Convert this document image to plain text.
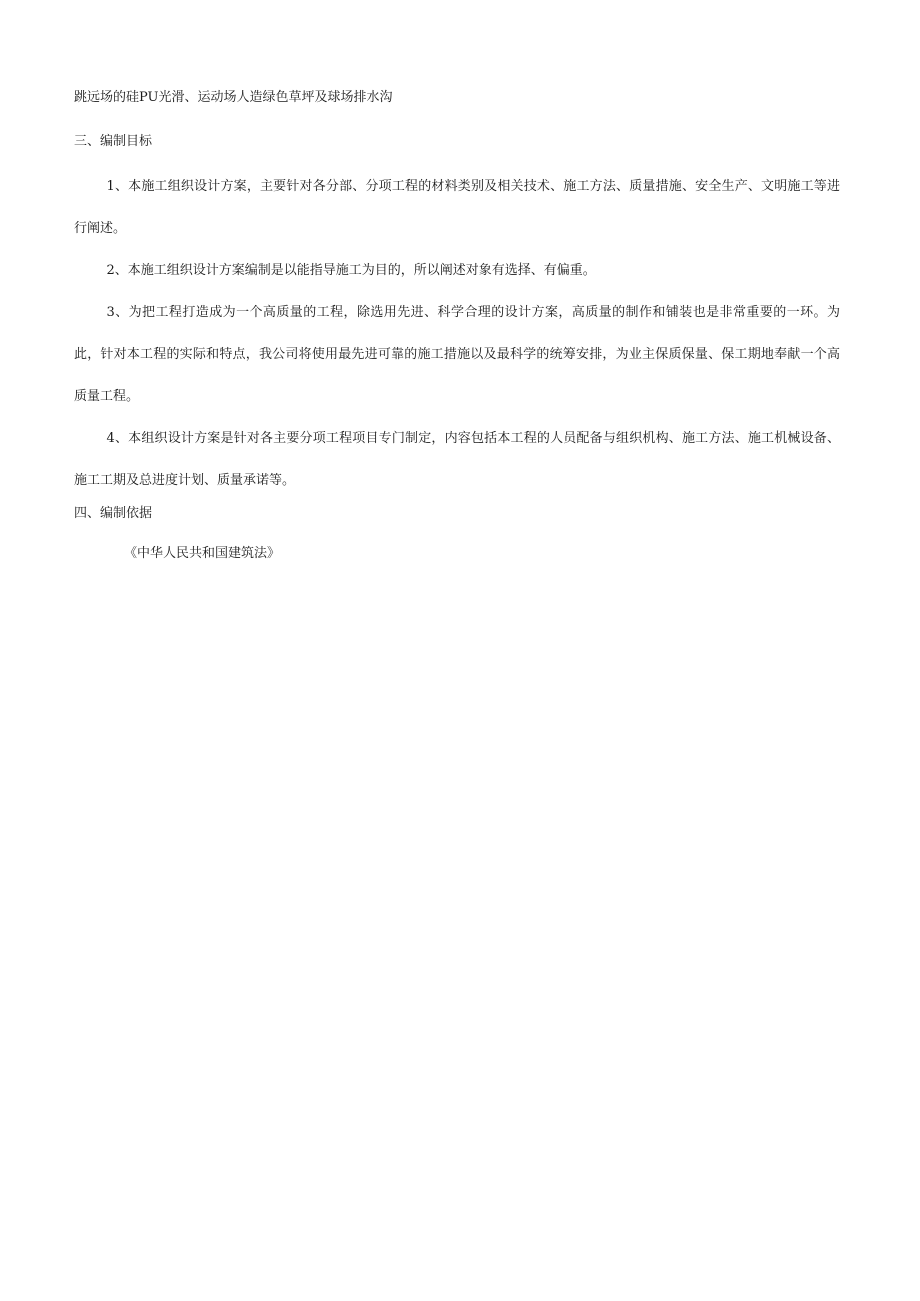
跳远场的硅PU光滑、运动场人造绿色草坪及球场排水沟

三、编制目标

1、本施工组织设计方案，主要针对各分部、分项工程的材料类别及相关技术、施工方法、质量措施、安全生产、文明施工等进行阐述。

2、本施工组织设计方案编制是以能指导施工为目的，所以阐述对象有选择、有偏重。

3、为把工程打造成为一个高质量的工程，除选用先进、科学合理的设计方案，高质量的制作和铺装也是非常重要的一环。为此，针对本工程的实际和特点，我公司将使用最先进可靠的施工措施以及最科学的统筹安排，为业主保质保量、保工期地奉献一个高质量工程。

4、本组织设计方案是针对各主要分项工程项目专门制定，内容包括本工程的人员配备与组织机构、施工方法、施工机械设备、施工工期及总进度计划、质量承诺等。

四、编制依据

《中华人民共和国建筑法》
